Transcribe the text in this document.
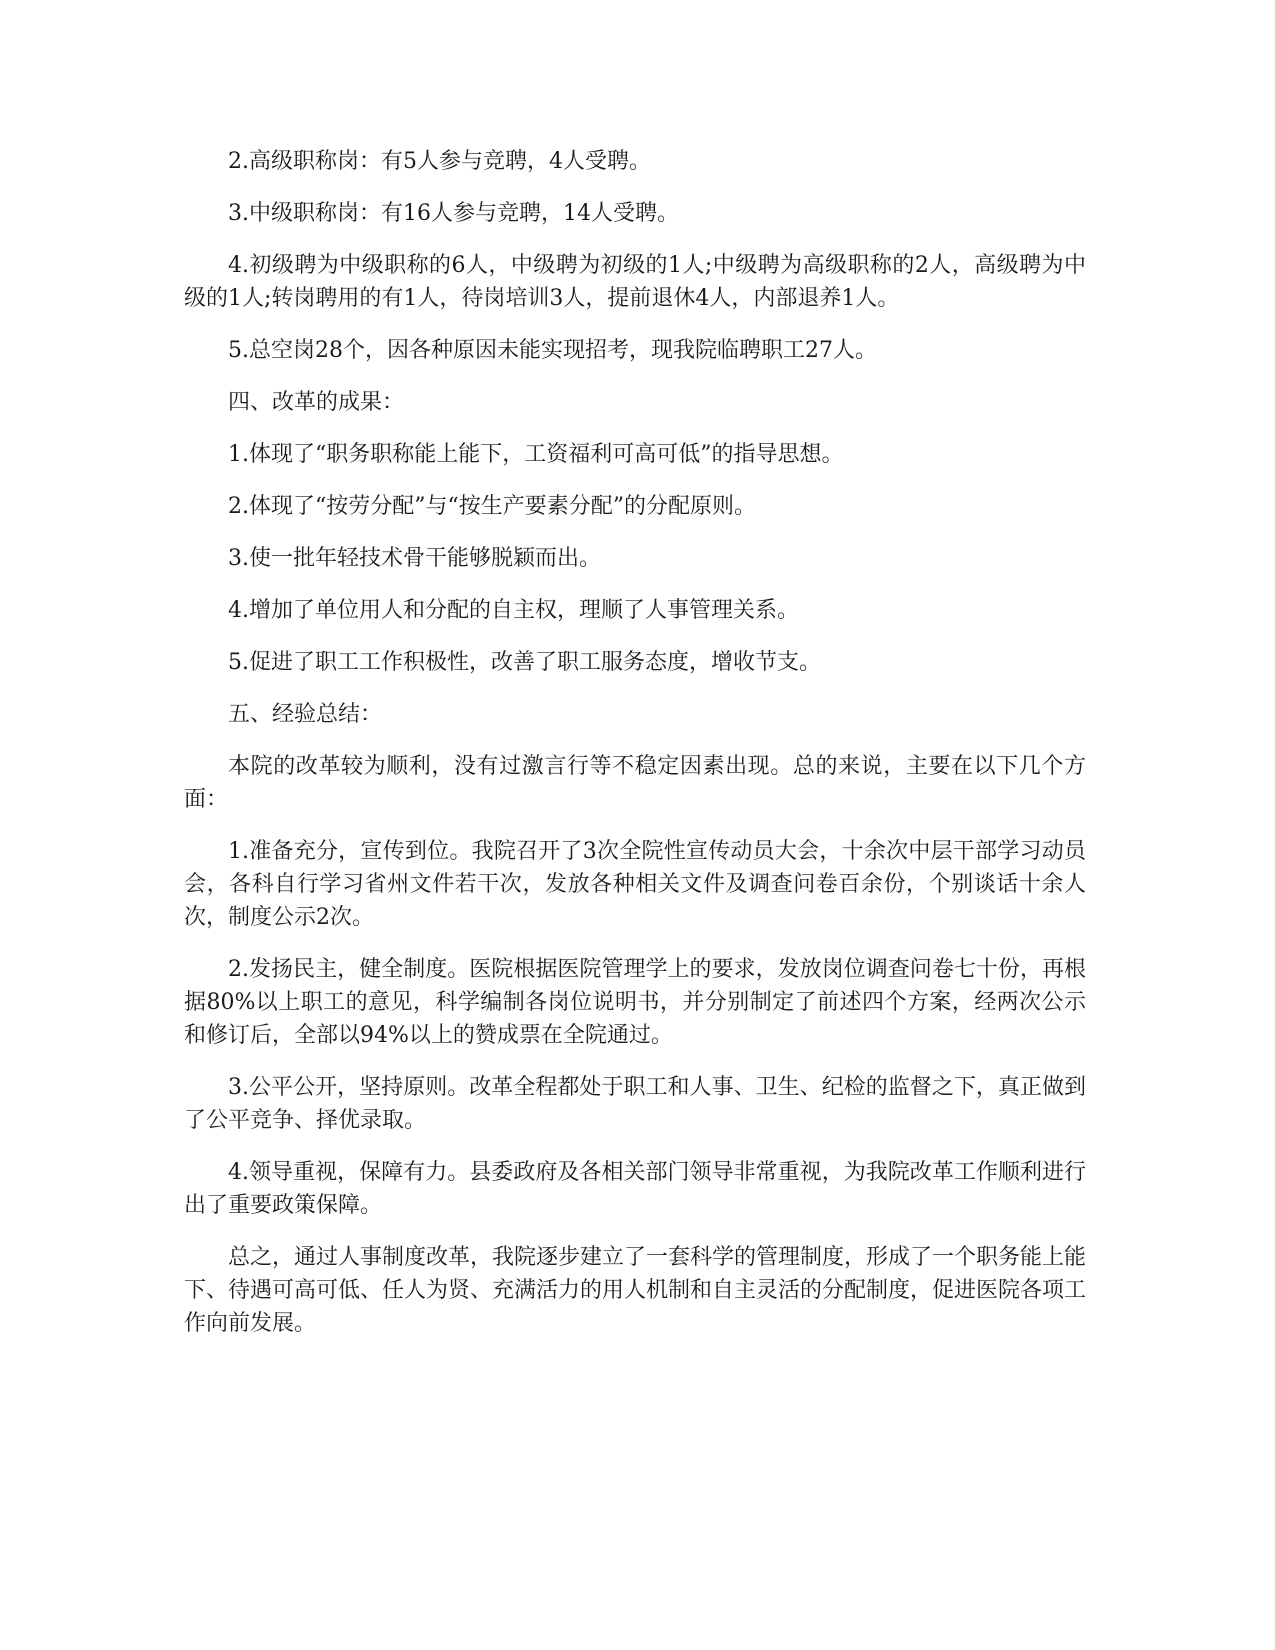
2.高级职称岗：有5人参与竞聘，4人受聘。

3.中级职称岗：有16人参与竞聘，14人受聘。

4.初级聘为中级职称的6人，中级聘为初级的1人;中级聘为高级职称的2人，高级聘为中级的1人;转岗聘用的有1人，待岗培训3人，提前退休4人，内部退养1人。

5.总空岗28个，因各种原因未能实现招考，现我院临聘职工27人。

四、改革的成果：

1.体现了“职务职称能上能下，工资福利可高可低”的指导思想。

2.体现了“按劳分配”与“按生产要素分配”的分配原则。

3.使一批年轻技术骨干能够脱颖而出。

4.增加了单位用人和分配的自主权，理顺了人事管理关系。

5.促进了职工工作积极性，改善了职工服务态度，增收节支。

五、经验总结：

本院的改革较为顺利，没有过激言行等不稳定因素出现。总的来说，主要在以下几个方面：

1.准备充分，宣传到位。我院召开了3次全院性宣传动员大会，十余次中层干部学习动员会，各科自行学习省州文件若干次，发放各种相关文件及调查问卷百余份，个别谈话十余人次，制度公示2次。

2.发扬民主，健全制度。医院根据医院管理学上的要求，发放岗位调查问卷七十份，再根据80%以上职工的意见，科学编制各岗位说明书，并分别制定了前述四个方案，经两次公示和修订后，全部以94%以上的赞成票在全院通过。

3.公平公开，坚持原则。改革全程都处于职工和人事、卫生、纪检的监督之下，真正做到了公平竞争、择优录取。

4.领导重视，保障有力。县委政府及各相关部门领导非常重视，为我院改革工作顺利进行出了重要政策保障。

总之，通过人事制度改革，我院逐步建立了一套科学的管理制度，形成了一个职务能上能下、待遇可高可低、任人为贤、充满活力的用人机制和自主灵活的分配制度，促进医院各项工作向前发展。
